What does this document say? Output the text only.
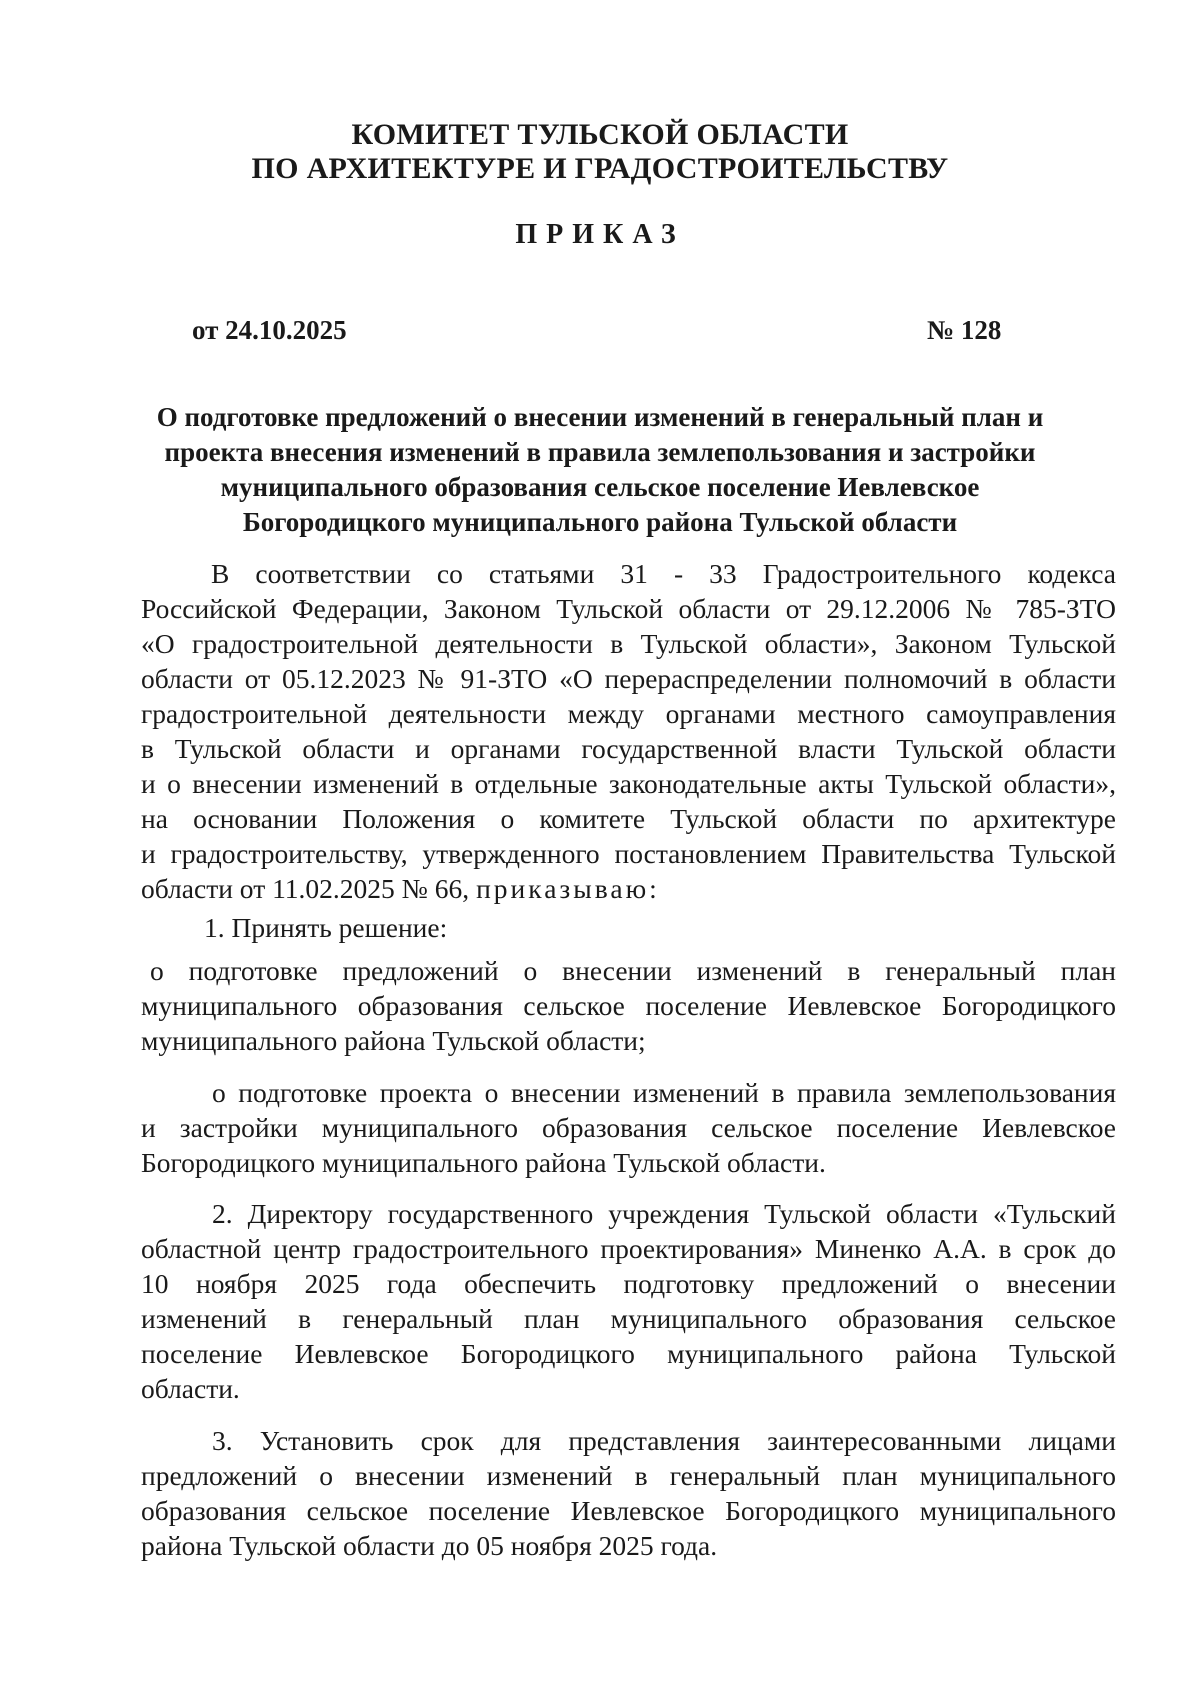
КОМИТЕТ ТУЛЬСКОЙ ОБЛАСТИ
ПО АРХИТЕКТУРЕ И ГРАДОСТРОИТЕЛЬСТВУ
ПРИКАЗ
от 24.10.2025	№ 128
О подготовке предложений о внесении изменений в генеральный план и
проекта внесения изменений в правила землепользования и застройки
муниципального образования сельское поселение Иевлевское
Богородицкого муниципального района Тульской области
В соответствии со статьями 31 - 33 Градостроительного кодекса
Российской Федерации, Законом Тульской области от 29.12.2006 № 785-ЗТО
«О градостроительной деятельности в Тульской области», Законом Тульской
области от 05.12.2023 № 91-ЗТО «О перераспределении полномочий в области
градостроительной деятельности между органами местного самоуправления
в Тульской области и органами государственной власти Тульской области
и о внесении изменений в отдельные законодательные акты Тульской области»,
на основании Положения о комитете Тульской области по архитектуре
и градостроительству, утвержденного постановлением Правительства Тульской
области от 11.02.2025 № 66, приказываю:
1. Принять решение:
о подготовке предложений о внесении изменений в генеральный план
муниципального образования сельское поселение Иевлевское Богородицкого
муниципального района Тульской области;
о подготовке проекта о внесении изменений в правила землепользования
и застройки муниципального образования сельское поселение Иевлевское
Богородицкого муниципального района Тульской области.
2. Директору государственного учреждения Тульской области «Тульский
областной центр градостроительного проектирования» Миненко А.А. в срок до
10 ноября 2025 года обеспечить подготовку предложений о внесении
изменений в генеральный план муниципального образования сельское
поселение Иевлевское Богородицкого муниципального района Тульской
области.
3. Установить срок для представления заинтересованными лицами
предложений о внесении изменений в генеральный план муниципального
образования сельское поселение Иевлевское Богородицкого муниципального
района Тульской области до 05 ноября 2025 года.
